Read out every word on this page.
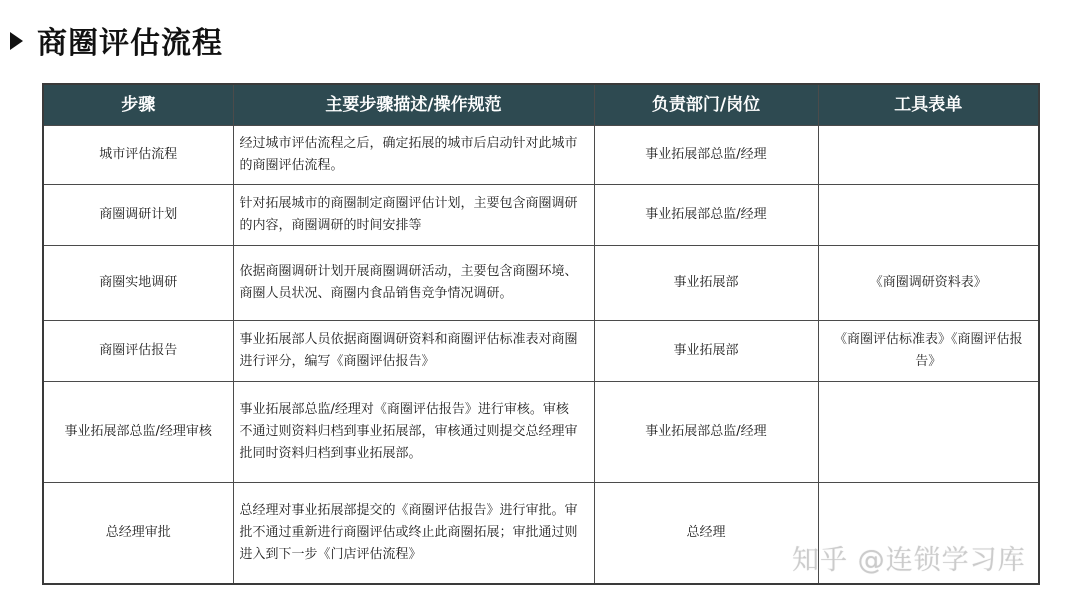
商圈评估流程
步骤	主要步骤描述/操作规范	负责部门/岗位	工具表单
城市评估流程	经过城市评估流程之后，确定拓展的城市后启动针对此城市的商圈评估流程。	事业拓展部总监/经理	
商圈调研计划	针对拓展城市的商圈制定商圈评估计划，主要包含商圈调研的内容，商圈调研的时间安排等	事业拓展部总监/经理	
商圈实地调研	依据商圈调研计划开展商圈调研活动，主要包含商圈环境、商圈人员状况、商圈内食品销售竞争情况调研。	事业拓展部	《商圈调研资料表》
商圈评估报告	事业拓展部人员依据商圈调研资料和商圈评估标准表对商圈进行评分，编写《商圈评估报告》	事业拓展部	《商圈评估标准表》《商圈评估报告》
事业拓展部总监/经理审核	事业拓展部总监/经理对《商圈评估报告》进行审核。审核不通过则资料归档到事业拓展部，审核通过则提交总经理审批同时资料归档到事业拓展部。	事业拓展部总监/经理	
总经理审批	总经理对事业拓展部提交的《商圈评估报告》进行审批。审批不通过重新进行商圈评估或终止此商圈拓展；审批通过则进入到下一步《门店评估流程》	总经理	
知乎 @连锁学习库
